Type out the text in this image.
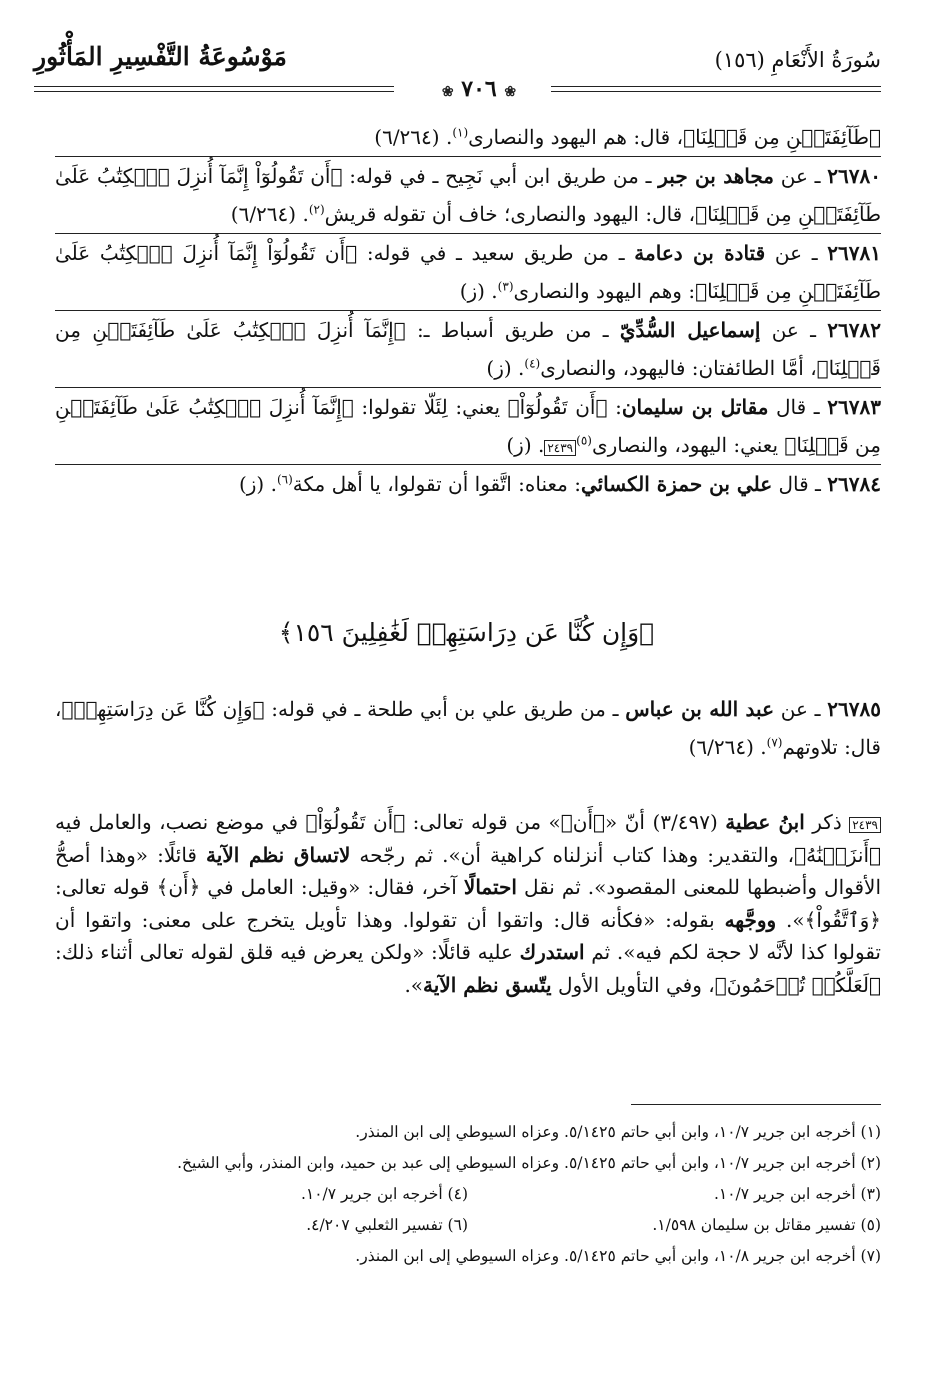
مَوْسُوعَةُ التَّفْسِيرِ المَأْثُورِ	سُورَةُ الأَنْعَامِ (١٥٦)
❀ ٧٠٦ ❀

﴿طَآئِفَتَيۡنِ مِن قَبۡلِنَا﴾، قال: هم اليهود والنصارى$^{(١)}$. (٦/٢٦٤)

٢٦٧٨٠ ـ عن مجاهد بن جبر ـ من طريق ابن أبي نَجِيح ـ في قوله: ﴿أَن تَقُولُوٓاْ إِنَّمَآ أُنزِلَ ٱلۡكِتَٰبُ عَلَىٰ طَآئِفَتَيۡنِ مِن قَبۡلِنَا﴾، قال: اليهود والنصارى؛ خاف أن تقوله قريش$^{(٢)}$. (٦/٢٦٤)

٢٦٧٨١ ـ عن قتادة بن دعامة ـ من طريق سعيد ـ في قوله: ﴿أَن تَقُولُوٓاْ إِنَّمَآ أُنزِلَ ٱلۡكِتَٰبُ عَلَىٰ طَآئِفَتَيۡنِ مِن قَبۡلِنَا﴾: وهم اليهود والنصارى$^{(٣)}$. (ز)

٢٦٧٨٢ ـ عن إسماعيل السُّدِّيّ ـ من طريق أسباط ـ: ﴿إِنَّمَآ أُنزِلَ ٱلۡكِتَٰبُ عَلَىٰ طَآئِفَتَيۡنِ مِن قَبۡلِنَا﴾، أمَّا الطائفتان: فاليهود، والنصارى$^{(٤)}$. (ز)

٢٦٧٨٣ ـ قال مقاتل بن سليمان: ﴿أَن تَقُولُوٓاْ﴾ يعني: لِئَلّا تقولوا: ﴿إِنَّمَآ أُنزِلَ ٱلۡكِتَٰبُ عَلَىٰ طَآئِفَتَيۡنِ مِن قَبۡلِنَا﴾ يعني: اليهود، والنصارى$^{(٥)}$٢٤٣٩. (ز)

٢٦٧٨٤ ـ قال علي بن حمزة الكسائي: معناه: اتَّقوا أن تقولوا، يا أهل مكة$^{(٦)}$. (ز)

﴿وَإِن كُنَّا عَن دِرَاسَتِهِمۡ لَغَٰفِلِينَ ١٥٦﴾

٢٦٧٨٥ ـ عن عبد الله بن عباس ـ من طريق علي بن أبي طلحة ـ في قوله: ﴿وَإِن كُنَّا عَن دِرَاسَتِهِمۡ﴾، قال: تلاوتهم$^{(٧)}$. (٦/٢٦٤)

٢٤٣٩ ذكر ابنُ عطية (٣/٤٩٧) أنّ «﴿أَن﴾» من قوله تعالى: ﴿أَن تَقُولُوٓاْ﴾ في موضع نصب، والعامل فيه ﴿أَنزَلۡنَٰهُ﴾، والتقدير: وهذا كتاب أنزلناه كراهية أن». ثم رجّحه لاتساق نظم الآية قائلًا: «وهذا أصحُّ الأقوال وأضبطها للمعنى المقصود». ثم نقل احتمالًا آخر، فقال: «وقيل: العامل في ﴿أَن﴾ قوله تعالى: ﴿وَٱتَّقُواْ﴾». ووجَّهه بقوله: «فكأنه قال: واتقوا أن تقولوا. وهذا تأويل يتخرج على معنى: واتقوا أن تقولوا كذا لأنَّه لا حجة لكم فيه». ثم استدرك عليه قائلًا: «ولكن يعرض فيه قلق لقوله تعالى أثناء ذلك: ﴿لَعَلَّكُمۡ تُرۡحَمُونَ﴾، وفي التأويل الأول يتّسق نظم الآية».
(١) أخرجه ابن جرير ١٠/٧، وابن أبي حاتم ٥/١٤٢٥. وعزاه السيوطي إلى ابن المنذر.
(٢) أخرجه ابن جرير ١٠/٧، وابن أبي حاتم ٥/١٤٢٥. وعزاه السيوطي إلى عبد بن حميد، وابن المنذر، وأبي الشيخ.
(٣) أخرجه ابن جرير ١٠/٧.
(٤) أخرجه ابن جرير ١٠/٧.
(٥) تفسير مقاتل بن سليمان ١/٥٩٨.
(٦) تفسير الثعلبي ٤/٢٠٧.
(٧) أخرجه ابن جرير ١٠/٨، وابن أبي حاتم ٥/١٤٢٥. وعزاه السيوطي إلى ابن المنذر.
